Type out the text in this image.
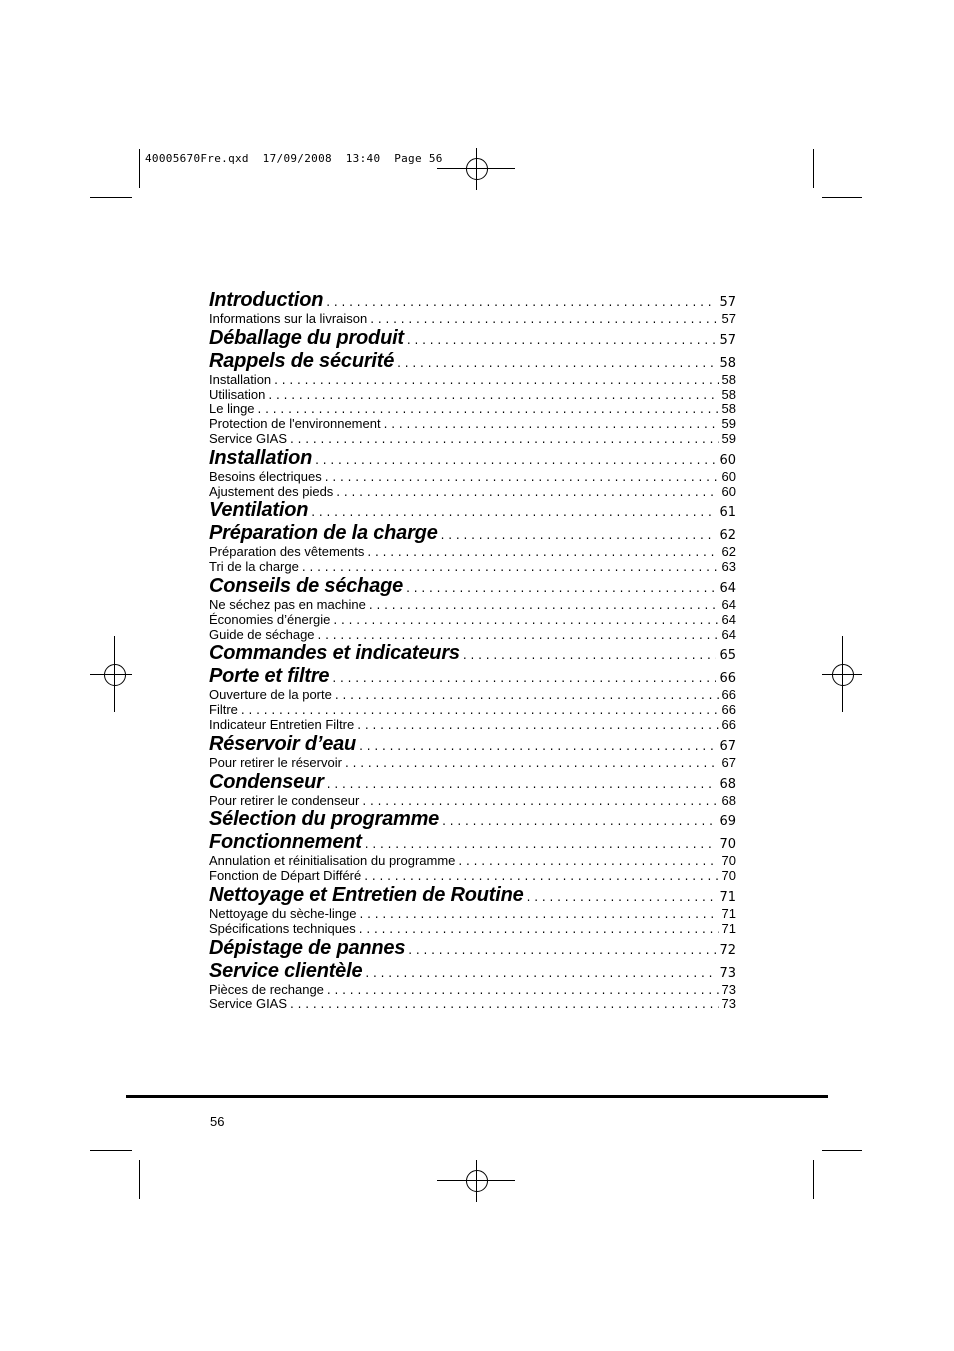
40005670Fre.qxd  17/09/2008  13:40  Page 56
Introduction . . .	57
Informations sur la livraison . . .	57
Déballage du produit . . .	57
Rappels de sécurité . . .	58
Installation . . .	58
Utilisation . . .	58
Le linge . . .	58
Protection de l'environnement . . .	59
Service GIAS . . .	59
Installation . . .	60
Besoins électriques . . .	60
Ajustement des pieds . . .	60
Ventilation . . .	61
Préparation de la charge . . .	62
Préparation des vêtements . . .	62
Tri de la charge . . .	63
Conseils de séchage . . .	64
Ne séchez pas en machine . . .	64
Économies d’énergie . . .	64
Guide de séchage . . .	64
Commandes et indicateurs . . .	65
Porte et filtre . . .	66
Ouverture de la porte . . .	66
Filtre . . .	66
Indicateur Entretien Filtre . . .	66
Réservoir d’eau . . .	67
Pour retirer le réservoir . . .	67
Condenseur . . .	68
Pour retirer le condenseur . . .	68
Sélection du programme . . .	69
Fonctionnement . . .	70
Annulation et réinitialisation du programme . . .	70
Fonction de Départ Différé . . .	70
Nettoyage et Entretien de Routine . . .	71
Nettoyage du sèche-linge . . .	71
Spécifications techniques . . .	71
Dépistage de pannes . . .	72
Service clientèle . . .	73
Pièces de rechange . . .	73
Service GIAS . . .	73
56
